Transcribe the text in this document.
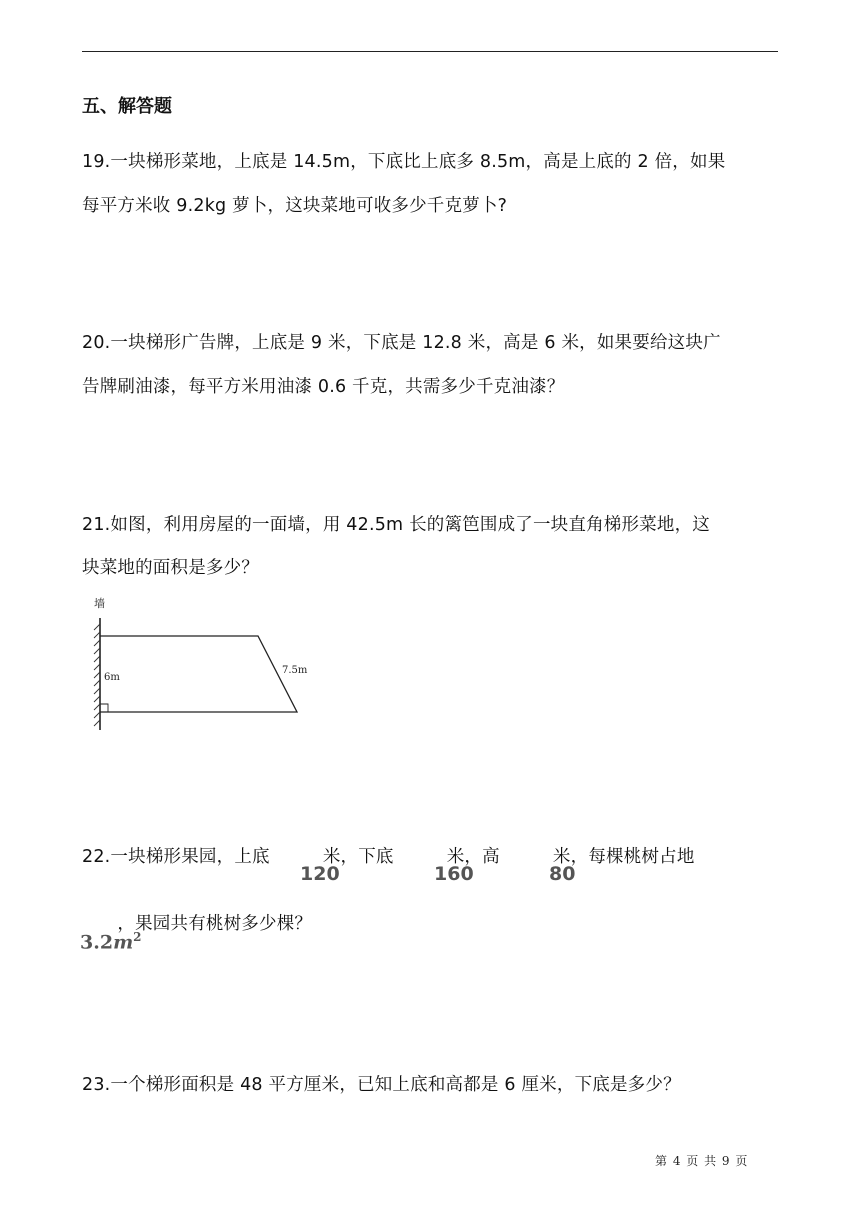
五、解答题
19.一块梯形菜地，上底是 14.5m，下底比上底多 8.5m，高是上底的 2 倍，如果
每平方米收 9.2kg 萝卜，这块菜地可收多少千克萝卜?
20.一块梯形广告牌，上底是 9 米，下底是 12.8 米，高是 6 米，如果要给这块广
告牌刷油漆，每平方米用油漆 0.6 千克，共需多少千克油漆？
21.如图，利用房屋的一面墙，用 42.5m 长的篱笆围成了一块直角梯形菜地，这
块菜地的面积是多少？
墙
6m
7.5m
22.一块梯形果园，上底　　　米，下底　　　米，高　　　米，每棵桃树占地
120	160	80
　　，果园共有桃树多少棵？
$3.2m^2$
23.一个梯形面积是 48 平方厘米，已知上底和高都是 6 厘米，下底是多少？
第 4 页 共 9 页
